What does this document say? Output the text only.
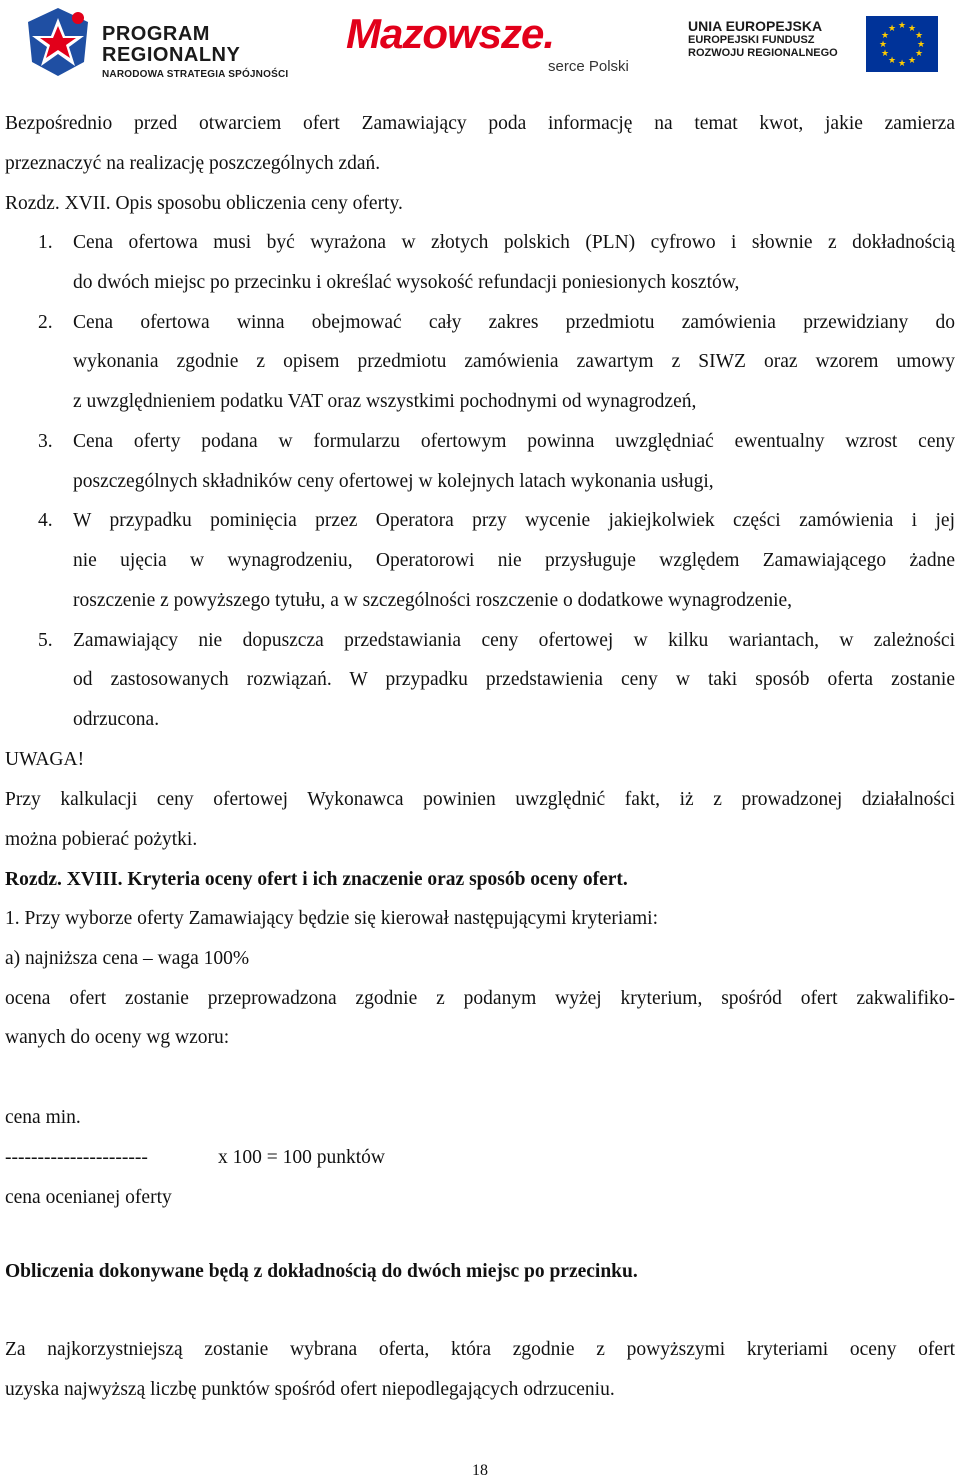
PROGRAM
REGIONALNY
NARODOWA STRATEGIA SPÓJNOŚCI
Mazowsze.
serce Polski
UNIA EUROPEJSKA
EUROPEJSKI FUNDUSZ
ROZWOJU REGIONALNEGO
★ ★
★
★
★
★
★
★
★
★
★
★
Bezpośrednio przed otwarciem ofert Zamawiający poda informację na temat kwot, jakie zamierza
przeznaczyć na realizację poszczególnych zdań.
Rozdz. XVII. Opis sposobu obliczenia ceny oferty.
1. Cena ofertowa musi być wyrażona w złotych polskich (PLN) cyfrowo i słownie z dokładnością
do dwóch miejsc po przecinku i określać wysokość refundacji poniesionych kosztów,
2. Cena ofertowa winna obejmować cały zakres przedmiotu zamówienia przewidziany do
wykonania zgodnie z opisem przedmiotu zamówienia zawartym z SIWZ oraz wzorem umowy
z uwzględnieniem podatku VAT oraz wszystkimi pochodnymi od wynagrodzeń,
3. Cena oferty podana w formularzu ofertowym powinna uwzględniać ewentualny wzrost ceny
poszczególnych składników ceny ofertowej w kolejnych latach wykonania usługi,
4. W przypadku pominięcia przez Operatora przy wycenie jakiejkolwiek części zamówienia i jej
nie ujęcia w wynagrodzeniu, Operatorowi nie przysługuje względem Zamawiającego żadne
roszczenie z powyższego tytułu, a w szczególności roszczenie o dodatkowe wynagrodzenie,
5. Zamawiający nie dopuszcza przedstawiania ceny ofertowej w kilku wariantach, w zależności
od zastosowanych rozwiązań. W przypadku przedstawienia ceny w taki sposób oferta zostanie
odrzucona.
UWAGA!
Przy kalkulacji ceny ofertowej Wykonawca powinien uwzględnić fakt, iż z prowadzonej działalności
można pobierać pożytki.
Rozdz. XVIII. Kryteria oceny ofert i ich znaczenie oraz sposób oceny ofert.
1. Przy wyborze oferty Zamawiający będzie się kierował następującymi kryteriami:
a) najniższa cena – waga 100%
ocena ofert zostanie przeprowadzona zgodnie z podanym wyżej kryterium, spośród ofert zakwalifiko-
wanych do oceny wg wzoru:
cena min.
----------------------	x 100 = 100 punktów
cena ocenianej oferty
Obliczenia dokonywane będą z dokładnością do dwóch miejsc po przecinku.
Za najkorzystniejszą zostanie wybrana oferta, która zgodnie z powyższymi kryteriami oceny ofert
uzyska najwyższą liczbę punktów spośród ofert niepodlegających odrzuceniu.
18
